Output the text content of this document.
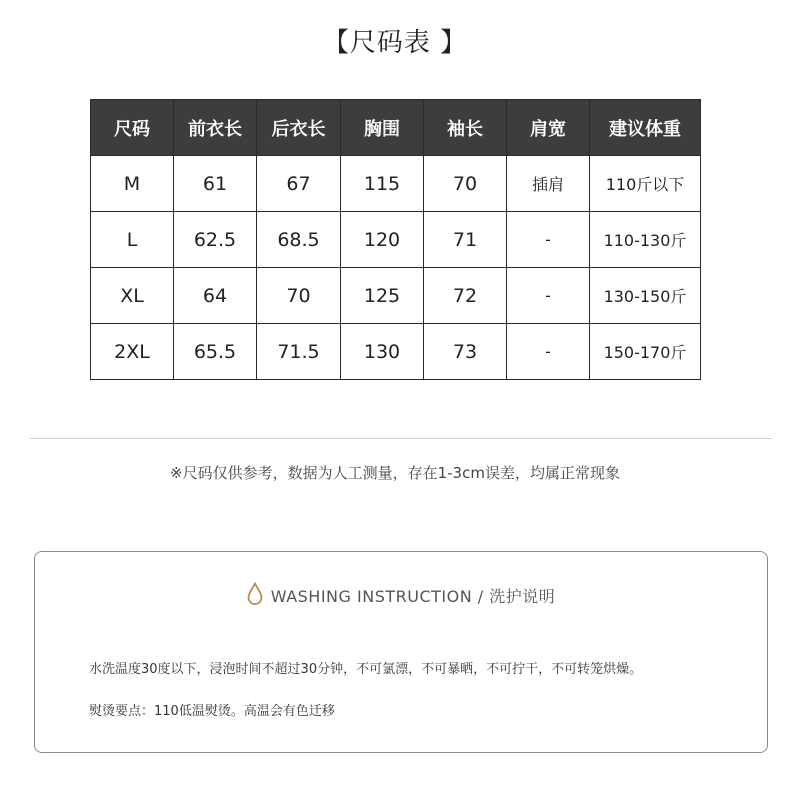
【尺码表 】
尺码	前衣长	后衣长	胸围	袖长	肩宽	建议体重
M	61	67	115	70	插肩	110斤以下
L	62.5	68.5	120	71	-	110-130斤
XL	64	70	125	72	-	130-150斤
2XL	65.5	71.5	130	73	-	150-170斤
※尺码仅供参考，数据为人工测量，存在1-3cm误差，均属正常现象
WASHING INSTRUCTION / 洗护说明
水洗温度30度以下，浸泡时间不超过30分钟，不可氯漂，不可暴晒，不可拧干，不可转笼烘燥。
熨烫要点：110低温熨烫。高温会有色迁移
